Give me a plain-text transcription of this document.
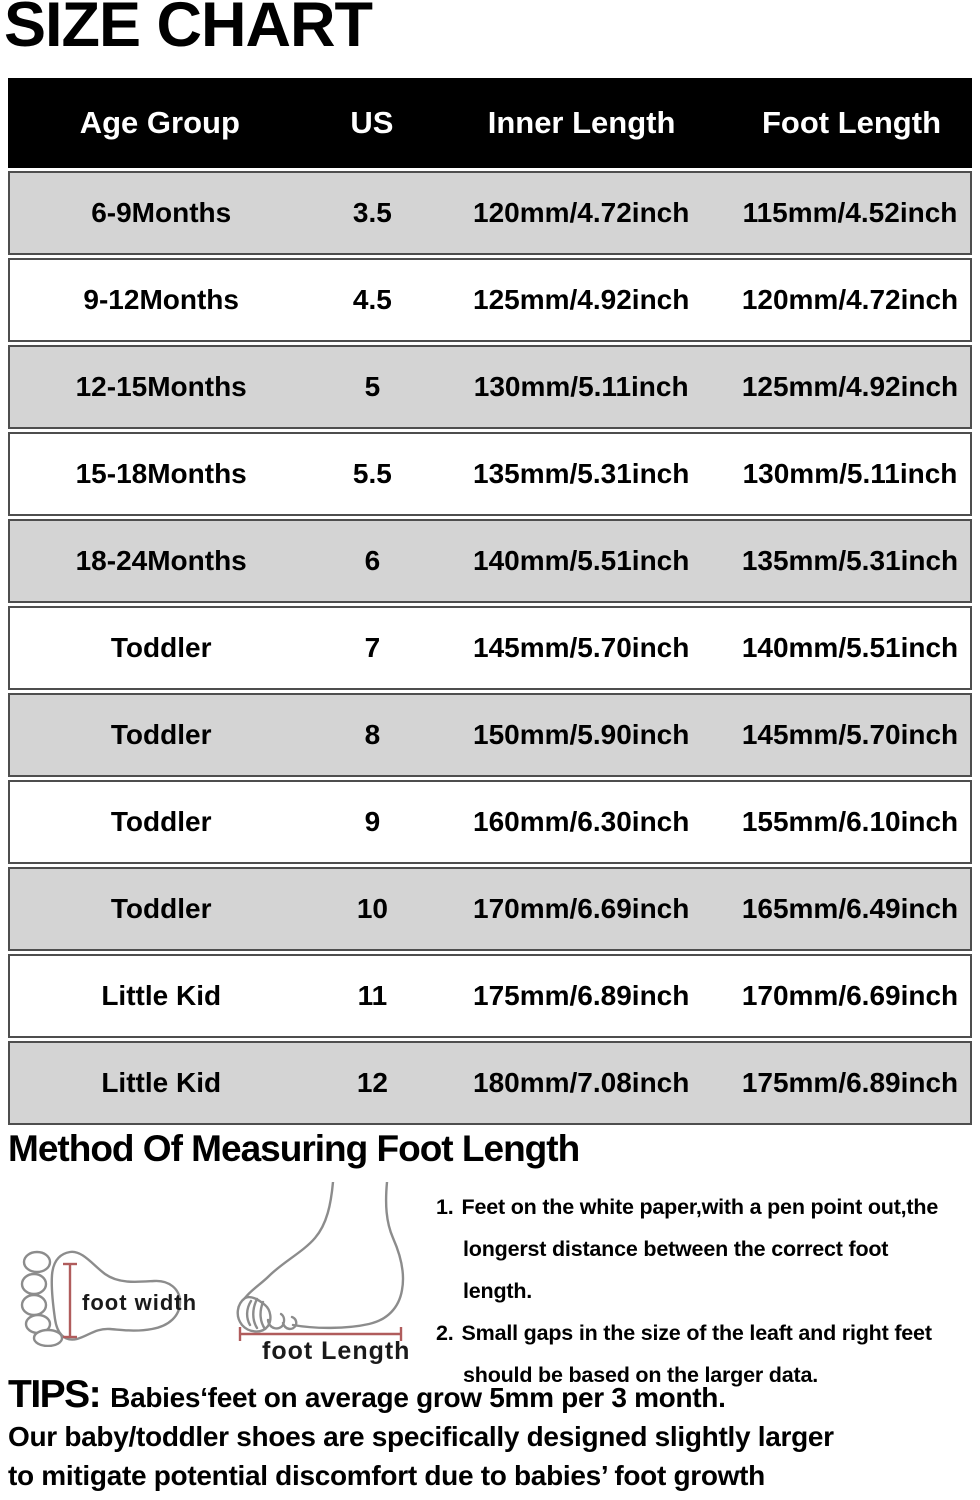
SIZE CHART
Age Group	US	Inner Length	Foot Length
6-9Months	3.5	120mm/4.72inch	115mm/4.52inch
9-12Months	4.5	125mm/4.92inch	120mm/4.72inch
12-15Months	5	130mm/5.11inch	125mm/4.92inch
15-18Months	5.5	135mm/5.31inch	130mm/5.11inch
18-24Months	6	140mm/5.51inch	135mm/5.31inch
Toddler	7	145mm/5.70inch	140mm/5.51inch
Toddler	8	150mm/5.90inch	145mm/5.70inch
Toddler	9	160mm/6.30inch	155mm/6.10inch
Toddler	10	170mm/6.69inch	165mm/6.49inch
Little Kid	11	175mm/6.89inch	170mm/6.69inch
Little Kid	12	180mm/7.08inch	175mm/6.89inch
Method Of Measuring Foot Length
foot width
foot Length
1. Feet on the white paper,with a pen point out,the
longerst distance between the correct foot length.
2. Small gaps in the size of the leaft and right feet
should be based on the larger data.
TIPS: Babies‘feet on average grow 5mm per 3 month.
Our baby/toddler shoes are specifically designed slightly larger
to mitigate potential discomfort due to babies’ foot growth
